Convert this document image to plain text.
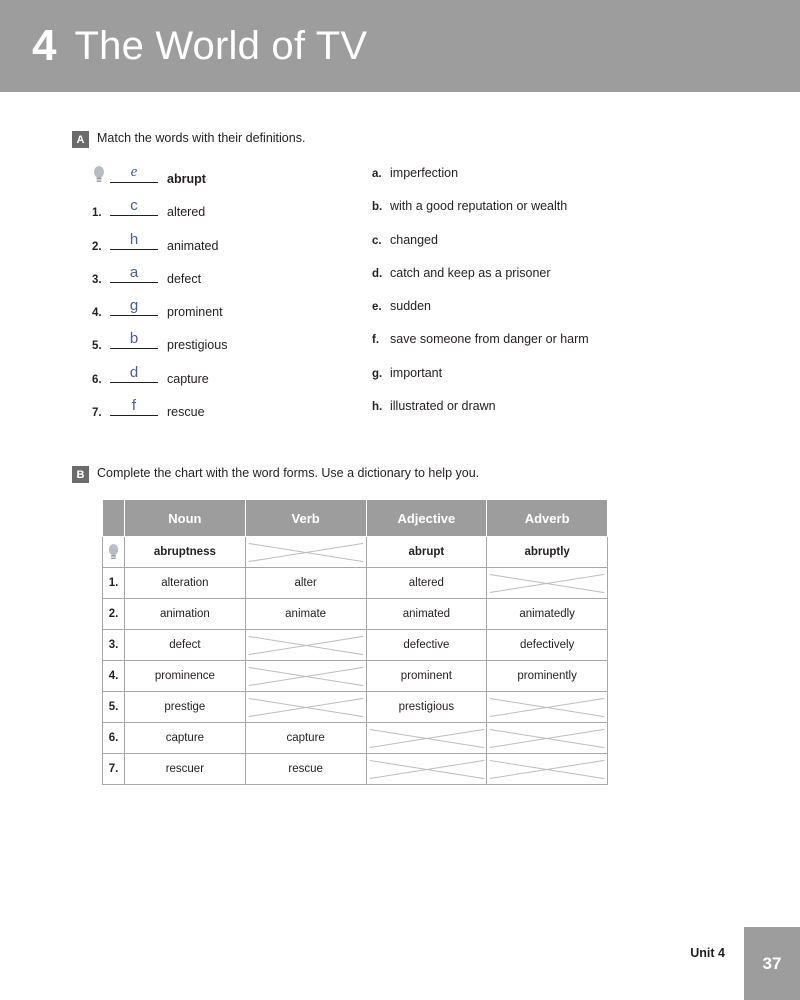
4 The World of TV
A	Match the words with their definitions.
e	abrupt
1.	c	altered
2.	h	animated
3.	a	defect
4.	g	prominent
5.	b	prestigious
6.	d	capture
7.	f	rescue
a. imperfection
b. with a good reputation or wealth
c. changed
d. catch and keep as a prisoner
e. sudden
f. save someone from danger or harm
g. important
h. illustrated or drawn
B	Complete the chart with the word forms. Use a dictionary to help you.
	Noun	Verb	Adjective	Adverb

	abruptness		abrupt	abruptly
1.	alteration	alter	altered	
2.	animation	animate	animated	animatedly
3.	defect		defective	defectively
4.	prominence		prominent	prominently
5.	prestige		prestigious	
6.	capture	capture		
7.	rescuer	rescue		
Unit 4
37
